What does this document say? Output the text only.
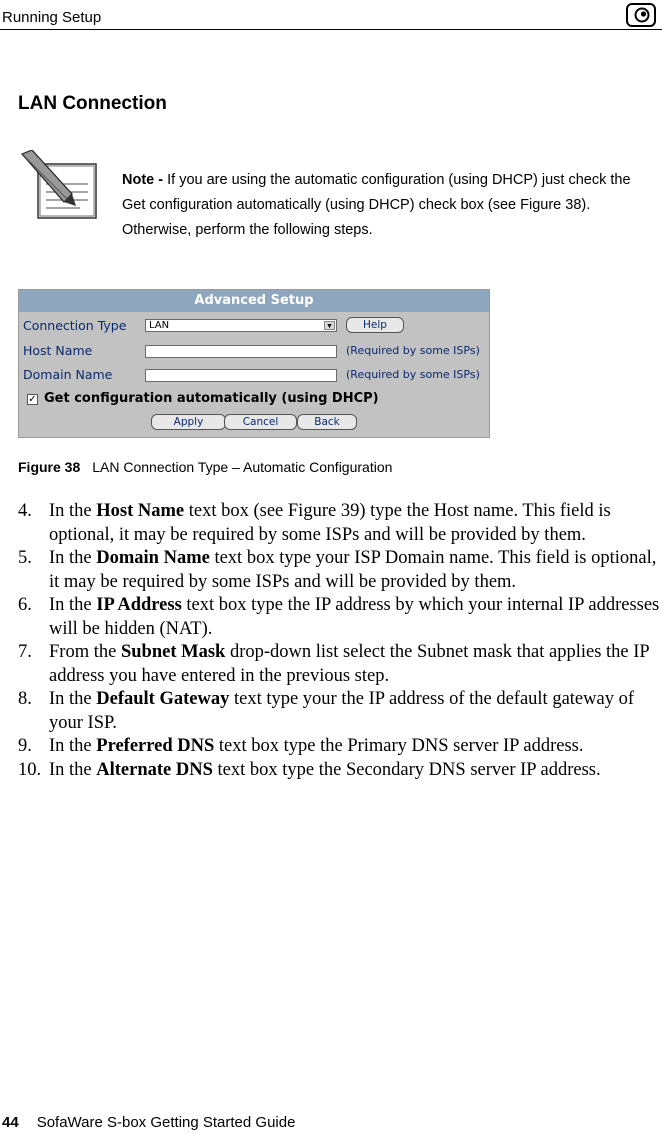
Running Setup
LAN Connection
Note - If you are using the automatic configuration (using DHCP) just check the Get configuration automatically (using DHCP) check box (see Figure 38). Otherwise, perform the following steps.
Advanced Setup
Connection Type	LAN	▼	Help
Host Name	(Required by some ISPs)
Domain Name	(Required by some ISPs)
✓ Get configuration automatically (using DHCP)
Apply	Cancel	Back
Figure 38 LAN Connection Type – Automatic Configuration
4. In the Host Name text box (see Figure 39) type the Host name. This field is optional, it may be required by some ISPs and will be provided by them.
5. In the Domain Name text box type your ISP Domain name. This field is optional, it may be required by some ISPs and will be provided by them.
6. In the IP Address text box type the IP address by which your internal IP addresses will be hidden (NAT).
7. From the Subnet Mask drop-down list select the Subnet mask that applies the IP address you have entered in the previous step.
8. In the Default Gateway text type your the IP address of the default gateway of your ISP.
9. In the Preferred DNS text box type the Primary DNS server IP address.
10. In the Alternate DNS text box type the Secondary DNS server IP address.
44 SofaWare S-box Getting Started Guide
